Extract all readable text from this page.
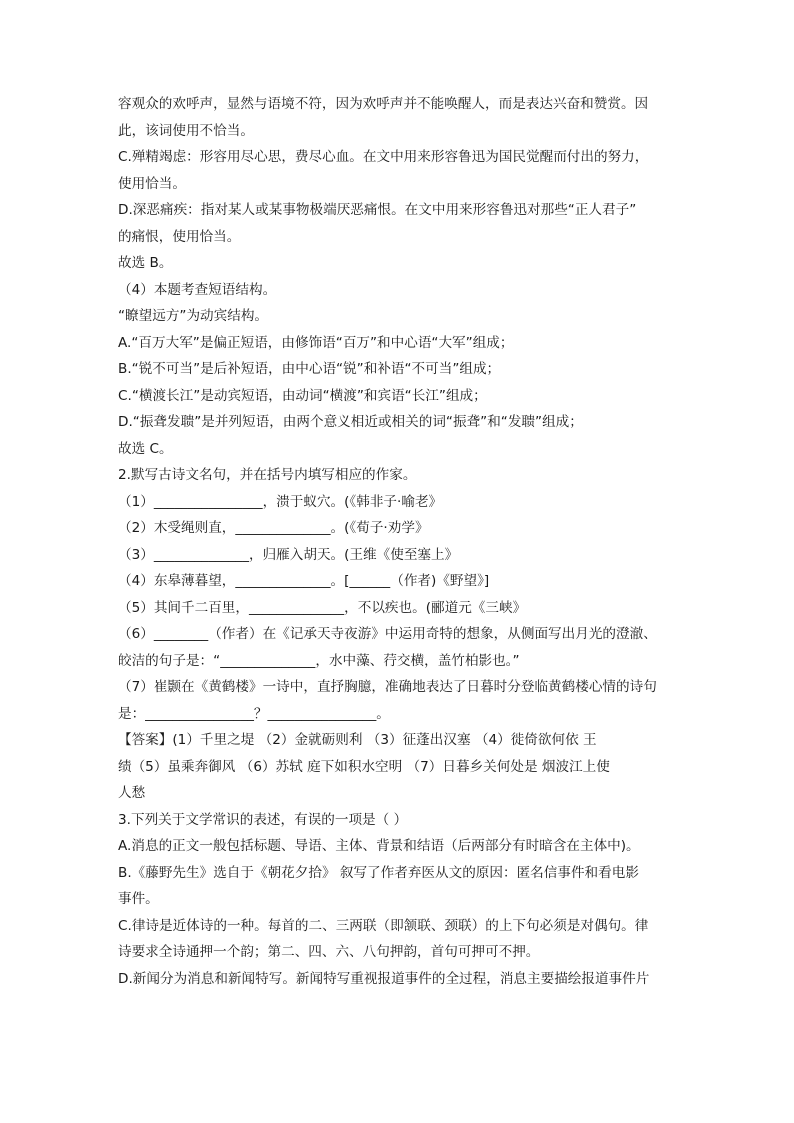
容观众的欢呼声，显然与语境不符，因为欢呼声并不能唤醒人，而是表达兴奋和赞赏。因
此，该词使用不恰当。
C.殚精竭虑：形容用尽心思，费尽心血。在文中用来形容鲁迅为国民觉醒而付出的努力，
使用恰当。
D.深恶痛疾：指对某人或某事物极端厌恶痛恨。在文中用来形容鲁迅对那些“正人君子”
的痛恨，使用恰当。
故选 B。
（4）本题考查短语结构。
“瞭望远方”为动宾结构。
A.“百万大军”是偏正短语，由修饰语“百万”和中心语“大军”组成；
B.“锐不可当”是后补短语，由中心语“锐”和补语“不可当”组成；
C.“横渡长江”是动宾短语，由动词“横渡”和宾语“长江”组成；
D.“振聋发聩”是并列短语，由两个意义相近或相关的词“振聋”和“发聩”组成；
故选 C。
2.默写古诗文名句，并在括号内填写相应的作家。
（1）________________，溃于蚁穴。(《韩非子·喻老》
（2）木受绳则直，______________。(《荀子·劝学》
（3）______________，归雁入胡天。(王维《使至塞上》
（4）东皋薄暮望，______________。[______（作者)《野望》]
（5）其间千二百里，______________，不以疾也。(郦道元《三峡》
（6）________（作者）在《记承天寺夜游》中运用奇特的想象，从侧面写出月光的澄澈、
皎洁的句子是：“______________，水中藻、荇交横，盖竹柏影也。”
（7）崔颢在《黄鹤楼》一诗中，直抒胸臆，准确地表达了日暮时分登临黄鹤楼心情的诗句
是：________________？________________。
【答案】(1）千里之堤 （2）金就砺则利 （3）征蓬出汉塞 （4）徙倚欲何依 王
绩（5）虽乘奔御风 （6）苏轼 庭下如积水空明 （7）日暮乡关何处是 烟波江上使
人愁
3.下列关于文学常识的表述，有误的一项是（ ）
A.消息的正文一般包括标题、导语、主体、背景和结语（后两部分有时暗含在主体中)。
B.《藤野先生》选自于《朝花夕拾》 叙写了作者弃医从文的原因：匿名信事件和看电影
事件。
C.律诗是近体诗的一种。每首的二、三两联（即颔联、颈联）的上下句必须是对偶句。律
诗要求全诗通押一个韵；第二、四、六、八句押韵，首句可押可不押。
D.新闻分为消息和新闻特写。新闻特写重视报道事件的全过程，消息主要描绘报道事件片
